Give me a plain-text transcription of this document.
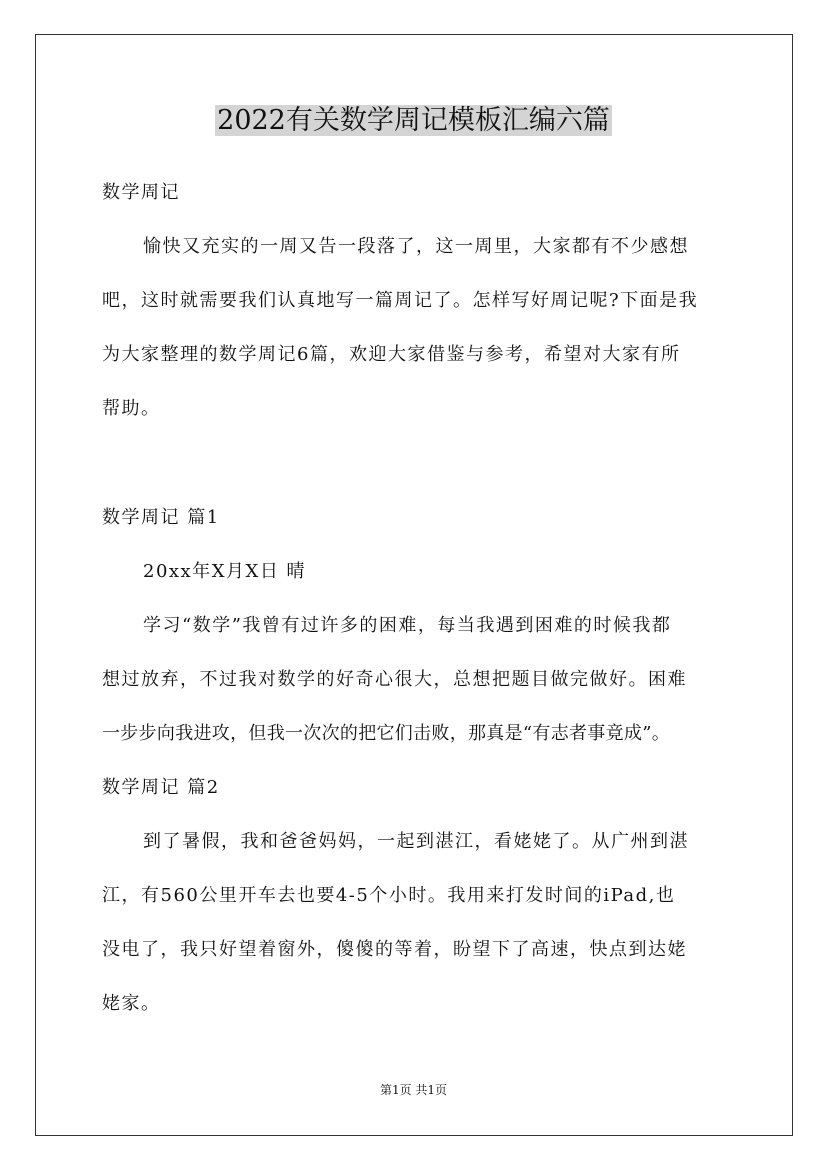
2022有关数学周记模板汇编六篇
数学周记
愉快又充实的一周又告一段落了，这一周里，大家都有不少感想
吧，这时就需要我们认真地写一篇周记了。怎样写好周记呢?下面是我
为大家整理的数学周记6篇，欢迎大家借鉴与参考，希望对大家有所
帮助。
数学周记 篇1
20xx年X月X日 晴
学习“数学”我曾有过许多的困难，每当我遇到困难的时候我都
想过放弃，不过我对数学的好奇心很大，总想把题目做完做好。困难
一步步向我进攻，但我一次次的把它们击败，那真是“有志者事竟成”。
数学周记 篇2
到了暑假，我和爸爸妈妈，一起到湛江，看姥姥了。从广州到湛
江，有560公里开车去也要4-5个小时。我用来打发时间的iPad,也
没电了，我只好望着窗外，傻傻的等着，盼望下了高速，快点到达姥
姥家。
第1页 共1页
